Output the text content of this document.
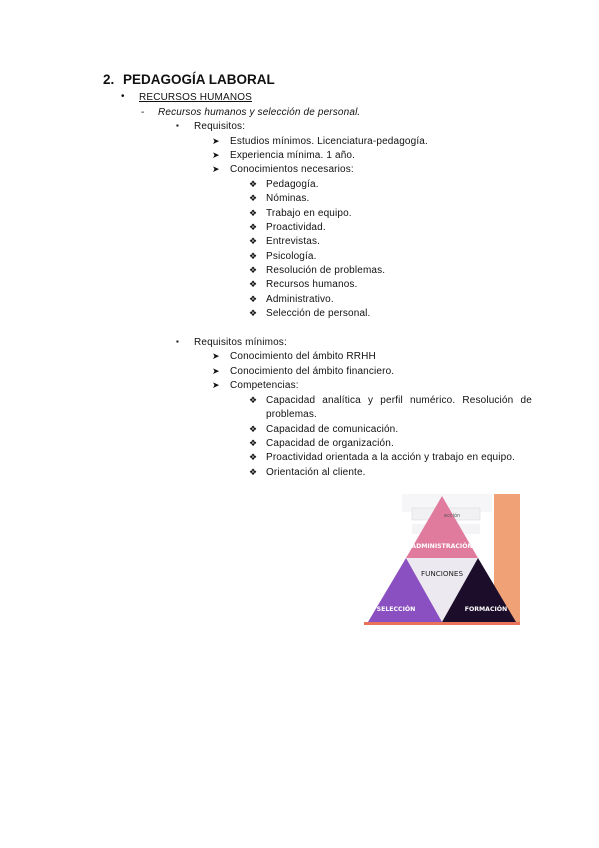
2. PEDAGOGÍA LABORAL
• RECURSOS HUMANOS
- Recursos humanos y selección de personal.
▪ Requisitos:
➤ Estudios mínimos. Licenciatura-pedagogía.
➤ Experiencia mínima. 1 año.
➤ Conocimientos necesarios:
❖ Pedagogía.
❖ Nóminas.
❖ Trabajo en equipo.
❖ Proactividad.
❖ Entrevistas.
❖ Psicología.
❖ Resolución de problemas.
❖ Recursos humanos.
❖ Administrativo.
❖ Selección de personal.
▪ Requisitos mínimos:
➤ Conocimiento del ámbito RRHH
➤ Conocimiento del ámbito financiero.
➤ Competencias:
❖ Capacidad analítica y perfil numérico. Resolución de
problemas.
❖ Capacidad de comunicación.
❖ Capacidad de organización.
❖ Proactividad orientada a la acción y trabajo en equipo.
❖ Orientación al cliente.
ección
ADMINISTRACIÓN
FUNCIONES
SELECCIÓN	FORMACIÓN
